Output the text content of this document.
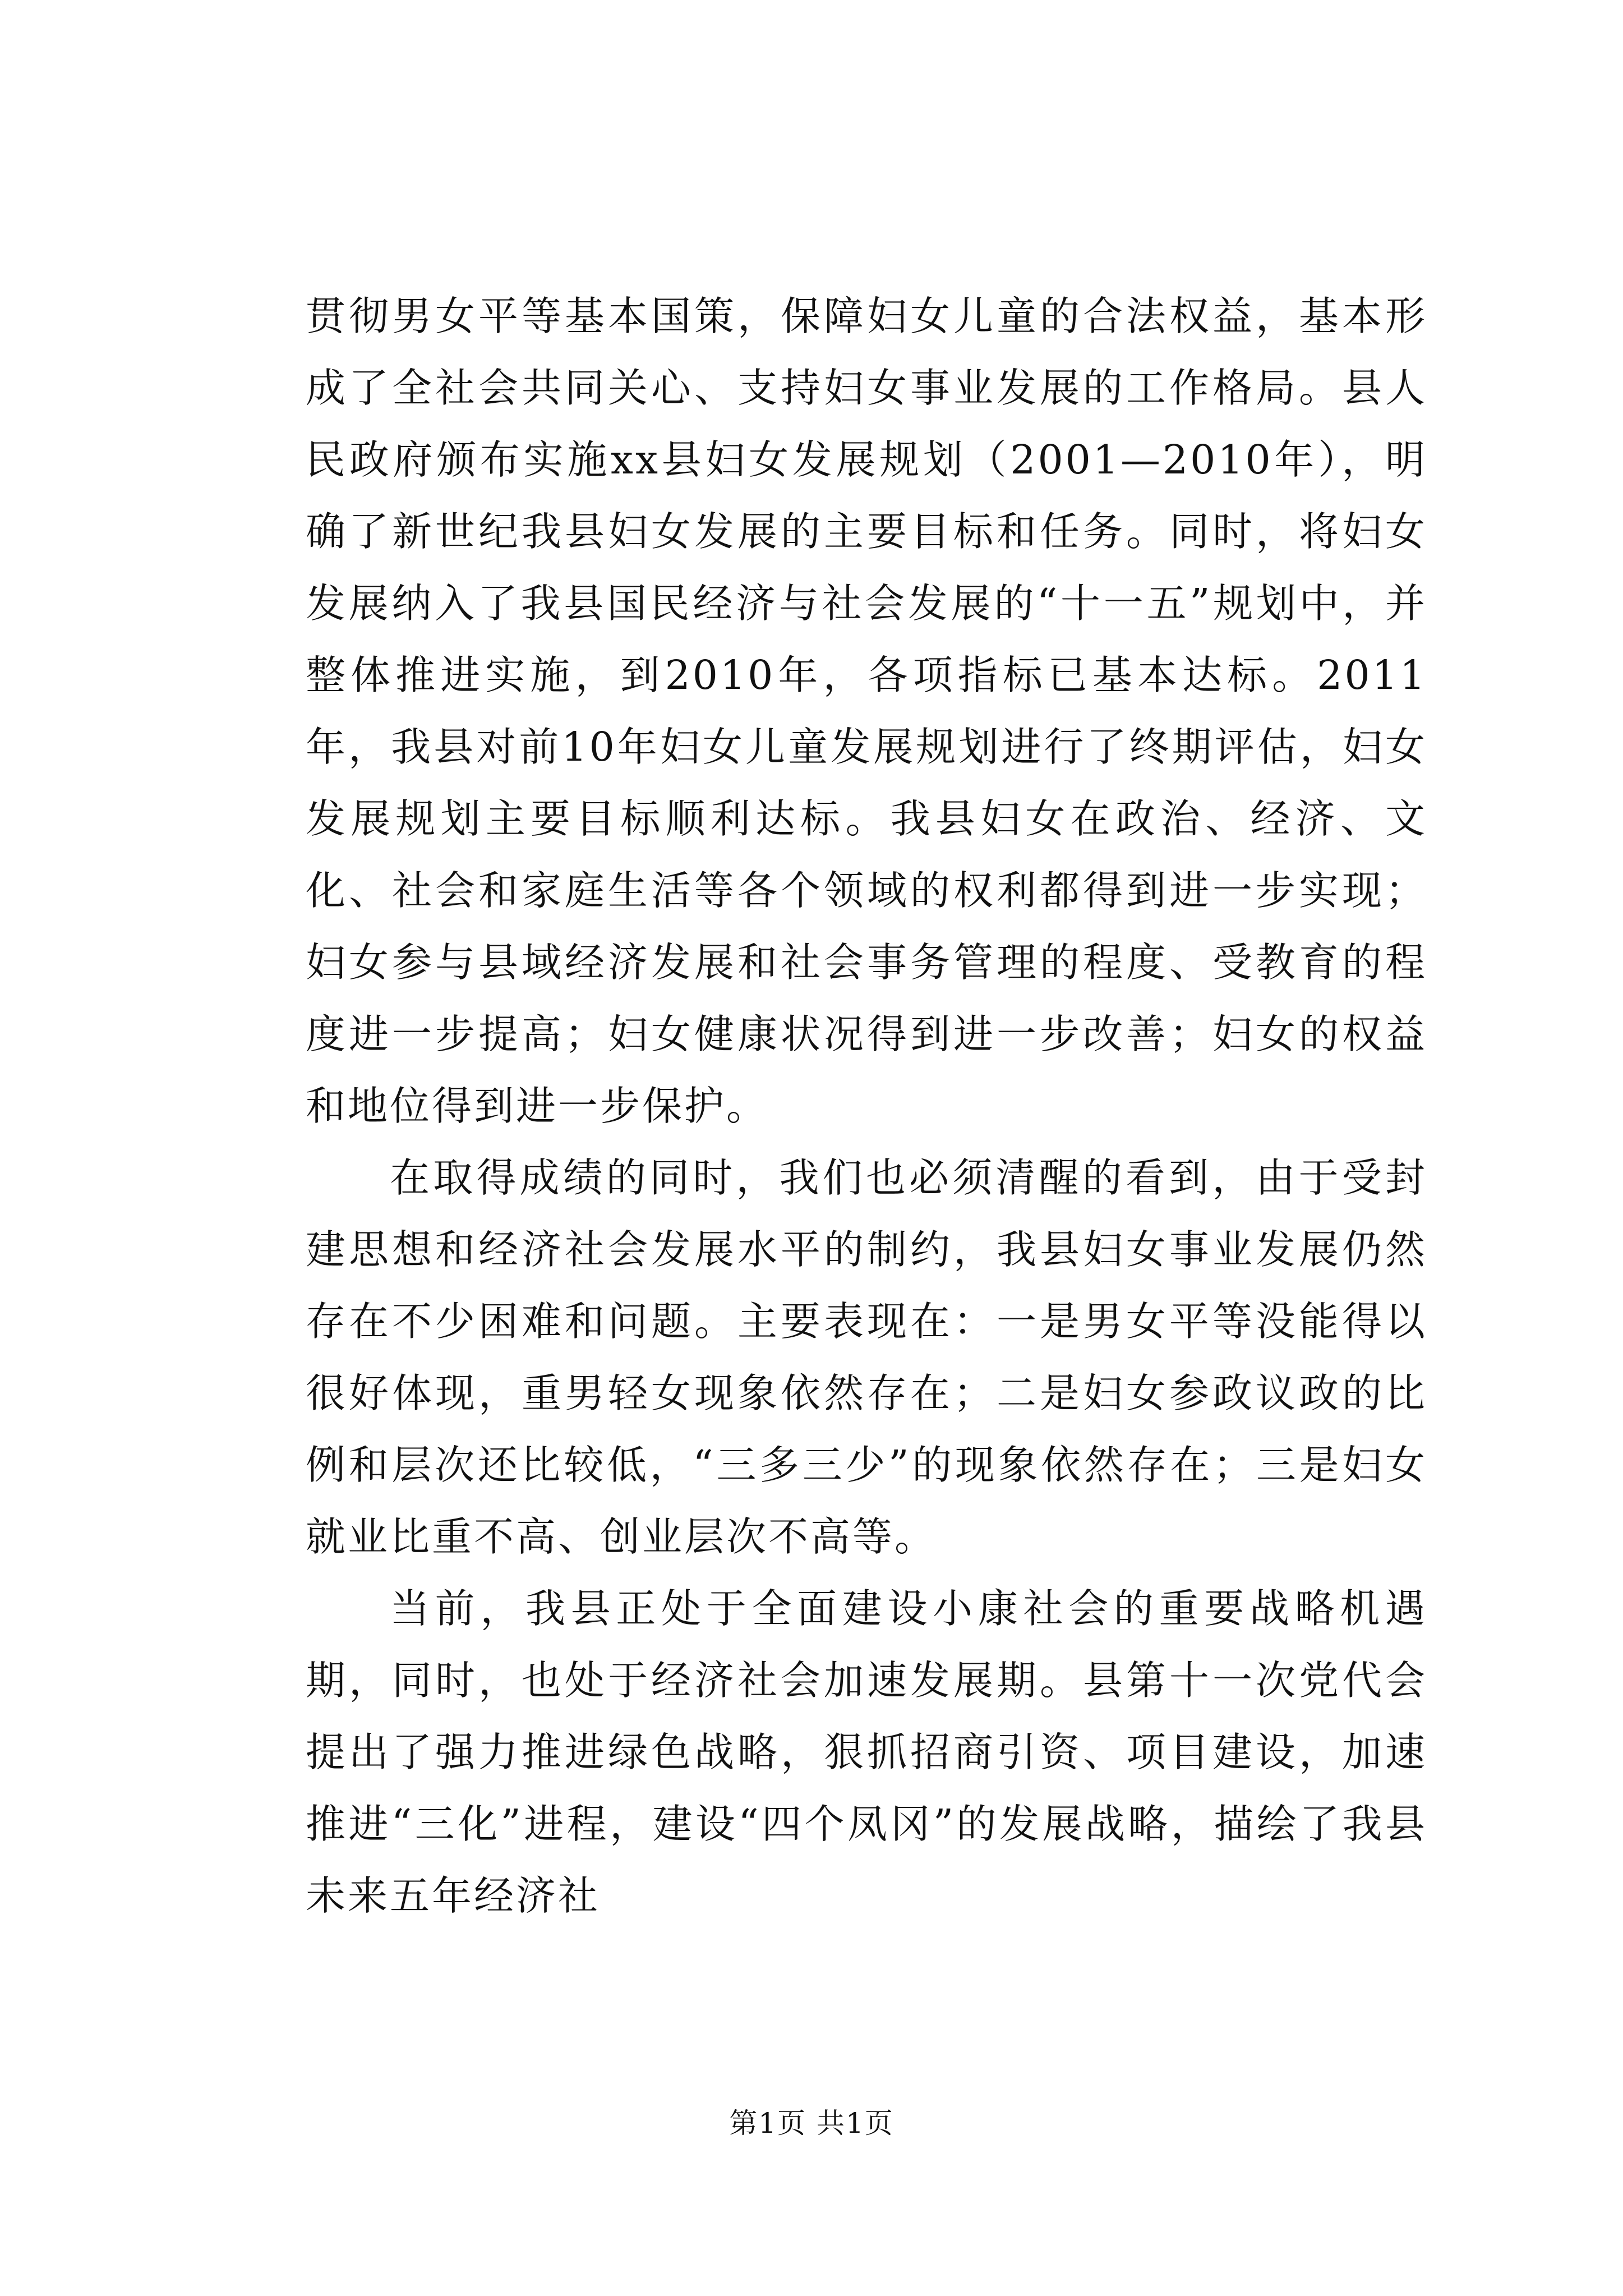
贯彻男女平等基本国策，保障妇女儿童的合法权益，基本形成了全社会共同关心、支持妇女事业发展的工作格局。县人民政府颁布实施xx县妇女发展规划（2001—2010年），明确了新世纪我县妇女发展的主要目标和任务。同时，将妇女发展纳入了我县国民经济与社会发展的“十一五”规划中，并整体推进实施，到2010年，各项指标已基本达标。2011年，我县对前10年妇女儿童发展规划进行了终期评估，妇女发展规划主要目标顺利达标。我县妇女在政治、经济、文化、社会和家庭生活等各个领域的权利都得到进一步实现；妇女参与县域经济发展和社会事务管理的程度、受教育的程度进一步提高；妇女健康状况得到进一步改善；妇女的权益和地位得到进一步保护。

在取得成绩的同时，我们也必须清醒的看到，由于受封建思想和经济社会发展水平的制约，我县妇女事业发展仍然存在不少困难和问题。主要表现在：一是男女平等没能得以很好体现，重男轻女现象依然存在；二是妇女参政议政的比例和层次还比较低，“三多三少”的现象依然存在；三是妇女就业比重不高、创业层次不高等。

当前，我县正处于全面建设小康社会的重要战略机遇期，同时，也处于经济社会加速发展期。县第十一次党代会提出了强力推进绿色战略，狠抓招商引资、项目建设，加速推进“三化”进程，建设“四个凤冈”的发展战略，描绘了我县未来五年经济社

第1页 共1页
